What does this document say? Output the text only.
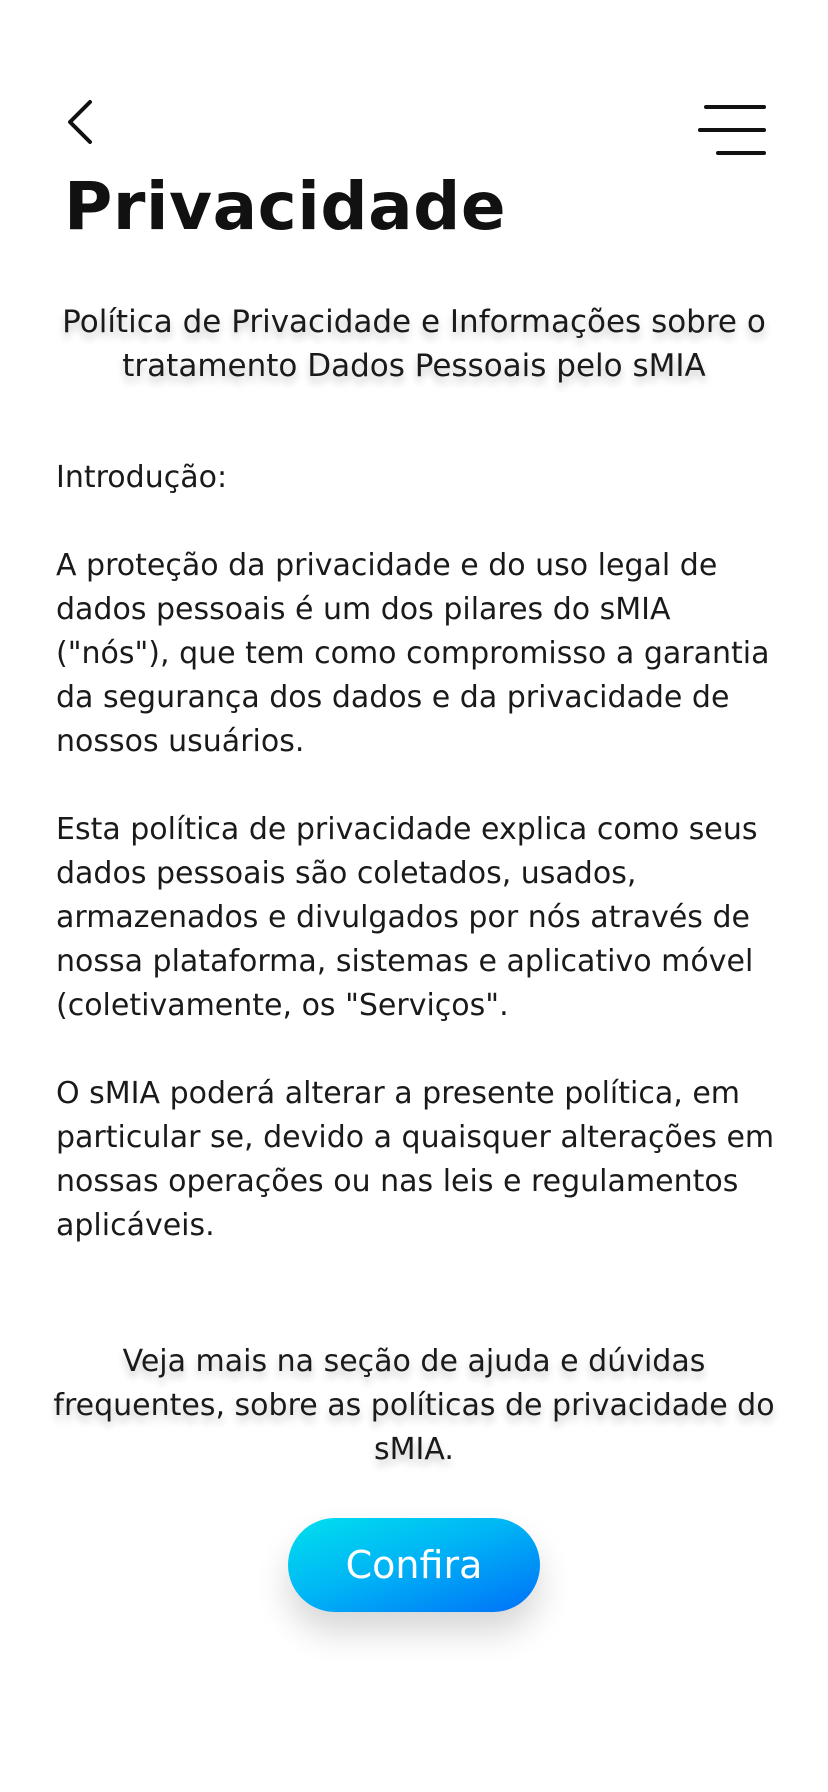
Privacidade

Política de Privacidade e Informações sobre o tratamento Dados Pessoais pelo sMIA

Introdução:

A proteção da privacidade e do uso legal de dados pessoais é um dos pilares do sMIA ("nós"), que tem como compromisso a garantia da segurança dos dados e da privacidade de nossos usuários.

Esta política de privacidade explica como seus dados pessoais são coletados, usados, armazenados e divulgados por nós através de nossa plataforma, sistemas e aplicativo móvel (coletivamente, os "Serviços".

O sMIA poderá alterar a presente política, em particular se, devido a quaisquer alterações em nossas operações ou nas leis e regulamentos aplicáveis.

Veja mais na seção de ajuda e dúvidas frequentes, sobre as políticas de privacidade do sMIA.

Confira
